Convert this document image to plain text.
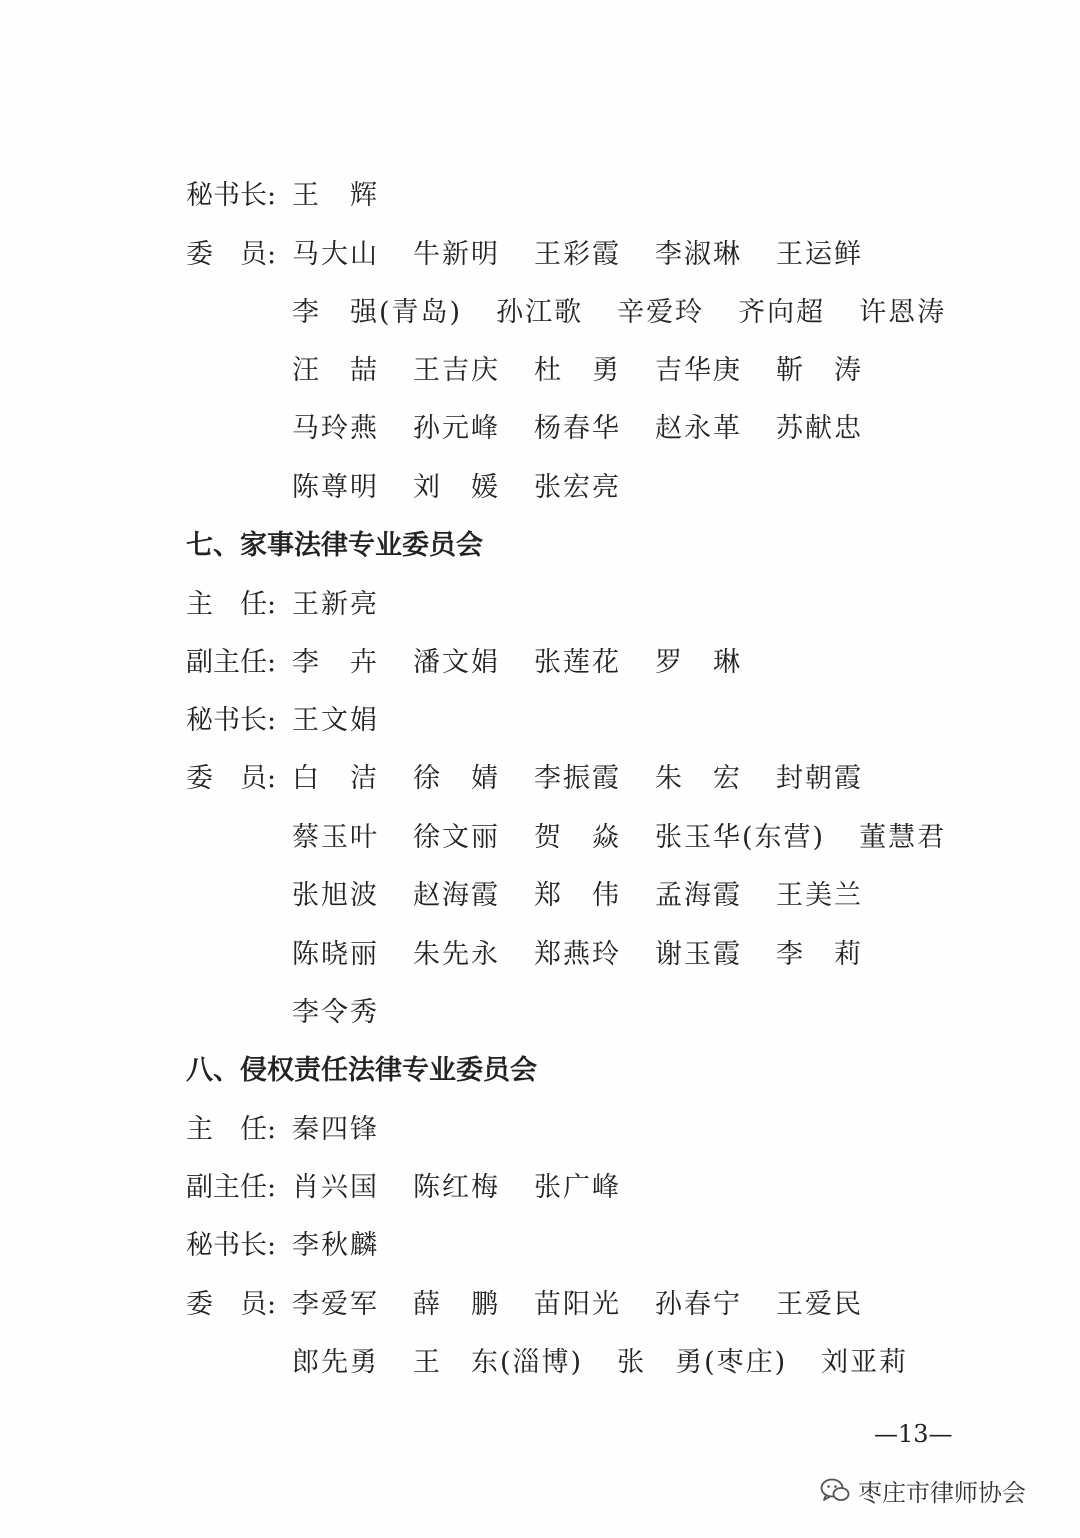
秘书长: 王　辉
委　员: 马大山 牛新明 王彩霞 李淑琳 王运鲜
李　强(青岛) 孙江歌 辛爱玲 齐向超 许恩涛
汪　喆 王吉庆 杜　勇 吉华庚 靳　涛
马玲燕 孙元峰 杨春华 赵永革 苏献忠
陈尊明 刘　媛 张宏亮
七、家事法律专业委员会
主　任: 王新亮
副主任: 李　卉 潘文娟 张莲花 罗　琳
秘书长: 王文娟
委　员: 白　洁 徐　婧 李振霞 朱　宏 封朝霞
蔡玉叶 徐文丽 贺　焱 张玉华(东营) 董慧君
张旭波 赵海霞 郑　伟 孟海霞 王美兰
陈晓丽 朱先永 郑燕玲 谢玉霞 李　莉
李令秀
八、侵权责任法律专业委员会
主　任: 秦四锋
副主任: 肖兴国 陈红梅 张广峰
秘书长: 李秋麟
委　员: 李爱军 薛　鹏 苗阳光 孙春宁 王爱民
郎先勇 王　东(淄博) 张　勇(枣庄) 刘亚莉
—13—
枣庄市律师协会
